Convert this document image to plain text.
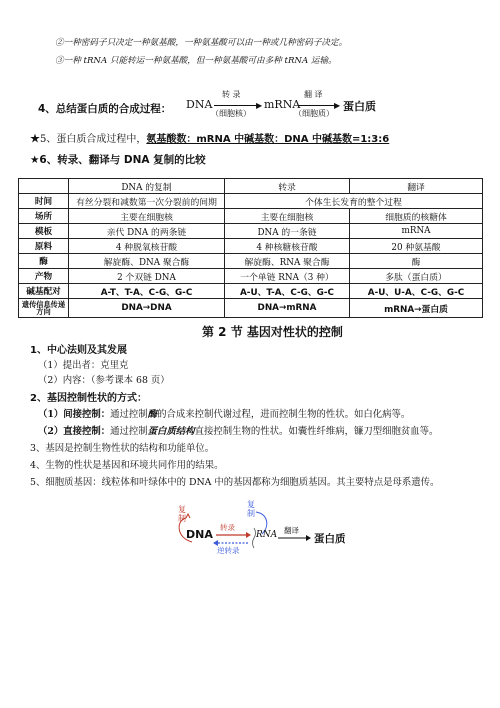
②一种密码子只决定一种氨基酸，一种氨基酸可以由一种或几种密码子决定。
③一种 tRNA 只能转运一种氨基酸，但一种氨基酸可由多种 tRNA 运输。
4、总结蛋白质的合成过程： DNA
转 录
▶
（细胞核）
mRNA
翻 译
▶
（细胞质）
蛋白质
★5、蛋白质合成过程中，氨基酸数：mRNA 中碱基数：DNA 中碱基数=1:3:6
★6、转录、翻译与 DNA 复制的比较
	DNA 的复制	转录	翻译
时间	有丝分裂和减数第一次分裂前的间期	个体生长发育的整个过程	
场所	主要在细胞核	主要在细胞核	细胞质的核糖体
模板	亲代 DNA 的两条链	DNA 的一条链	mRNA
原料	4 种脱氧核苷酸	4 种核糖核苷酸	20 种氨基酸
酶	解旋酶、DNA 聚合酶	解旋酶、RNA 聚合酶	酶
产物	2 个双链 DNA	一个单链 RNA（3 种）	多肽（蛋白质）
碱基配对	A-T、T-A、C-G、G-C	A-U、T-A、C-G、G-C	A-U、U-A、C-G、G-C
遗传信息传递方向	DNA→DNA	DNA→mRNA	mRNA→蛋白质
第 2 节 基因对性状的控制
1、中心法则及其发展
（1）提出者：克里克
（2）内容：（参考课本 68 页）
2、基因控制性状的方式：
（1）间接控制：通过控制酶的合成来控制代谢过程，进而控制生物的性状。如白化病等。
（2）直接控制：通过控制蛋白质结构直接控制生物的性状。如囊性纤维病，镰刀型细胞贫血等。
3、基因是控制生物性状的结构和功能单位。
4、生物的性状是基因和环境共同作用的结果。
5、细胞质基因：线粒体和叶绿体中的 DNA 中的基因都称为细胞质基因。其主要特点是母系遗传。
复制
DNA
转录
逆转录
复制
RNA 翻译
蛋白质
